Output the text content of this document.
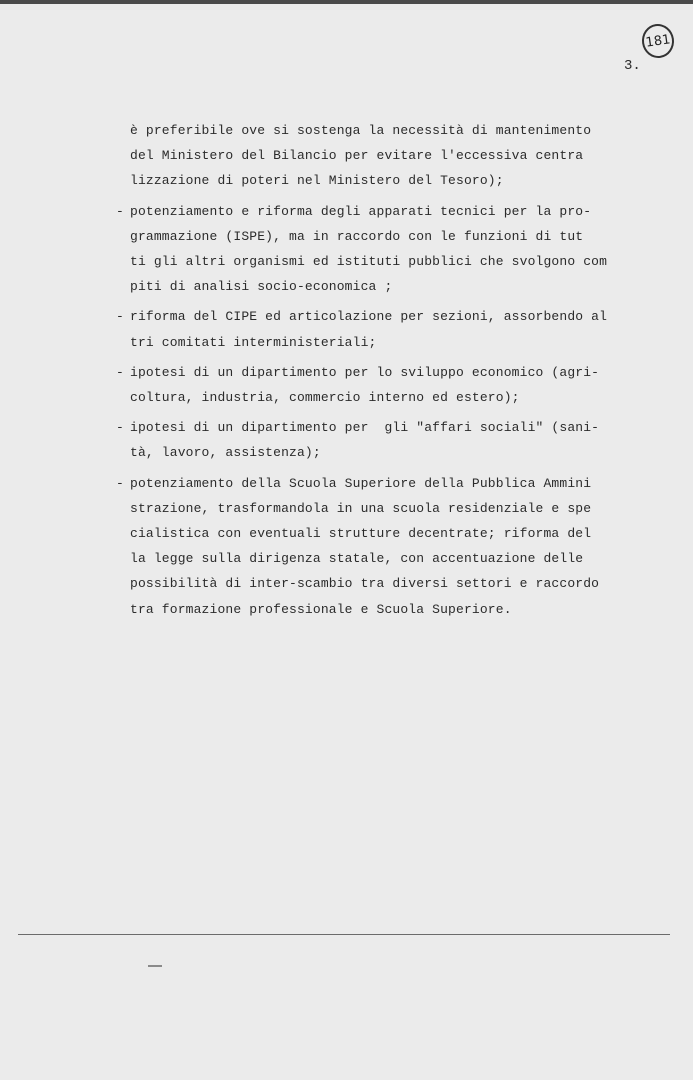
181
3.

è preferibile ove si sostenga la necessità di mantenimento
del Ministero del Bilancio per evitare l'eccessiva centra
lizzazione di poteri nel Ministero del Tesoro);

- potenziamento e riforma degli apparati tecnici per la pro-
grammazione (ISPE), ma in raccordo con le funzioni di tut
ti gli altri organismi ed istituti pubblici che svolgono com
piti di analisi socio-economica ;
- riforma del CIPE ed articolazione per sezioni, assorbendo al
tri comitati interministeriali;
- ipotesi di un dipartimento per lo sviluppo economico (agri-
coltura, industria, commercio interno ed estero);
- ipotesi di un dipartimento per  gli "affari sociali" (sani-
tà, lavoro, assistenza);
- potenziamento della Scuola Superiore della Pubblica Ammini
strazione, trasformandola in una scuola residenziale e spe
cialistica con eventuali strutture decentrate; riforma del
la legge sulla dirigenza statale, con accentuazione delle
possibilità di inter-scambio tra diversi settori e raccordo
tra formazione professionale e Scuola Superiore.
